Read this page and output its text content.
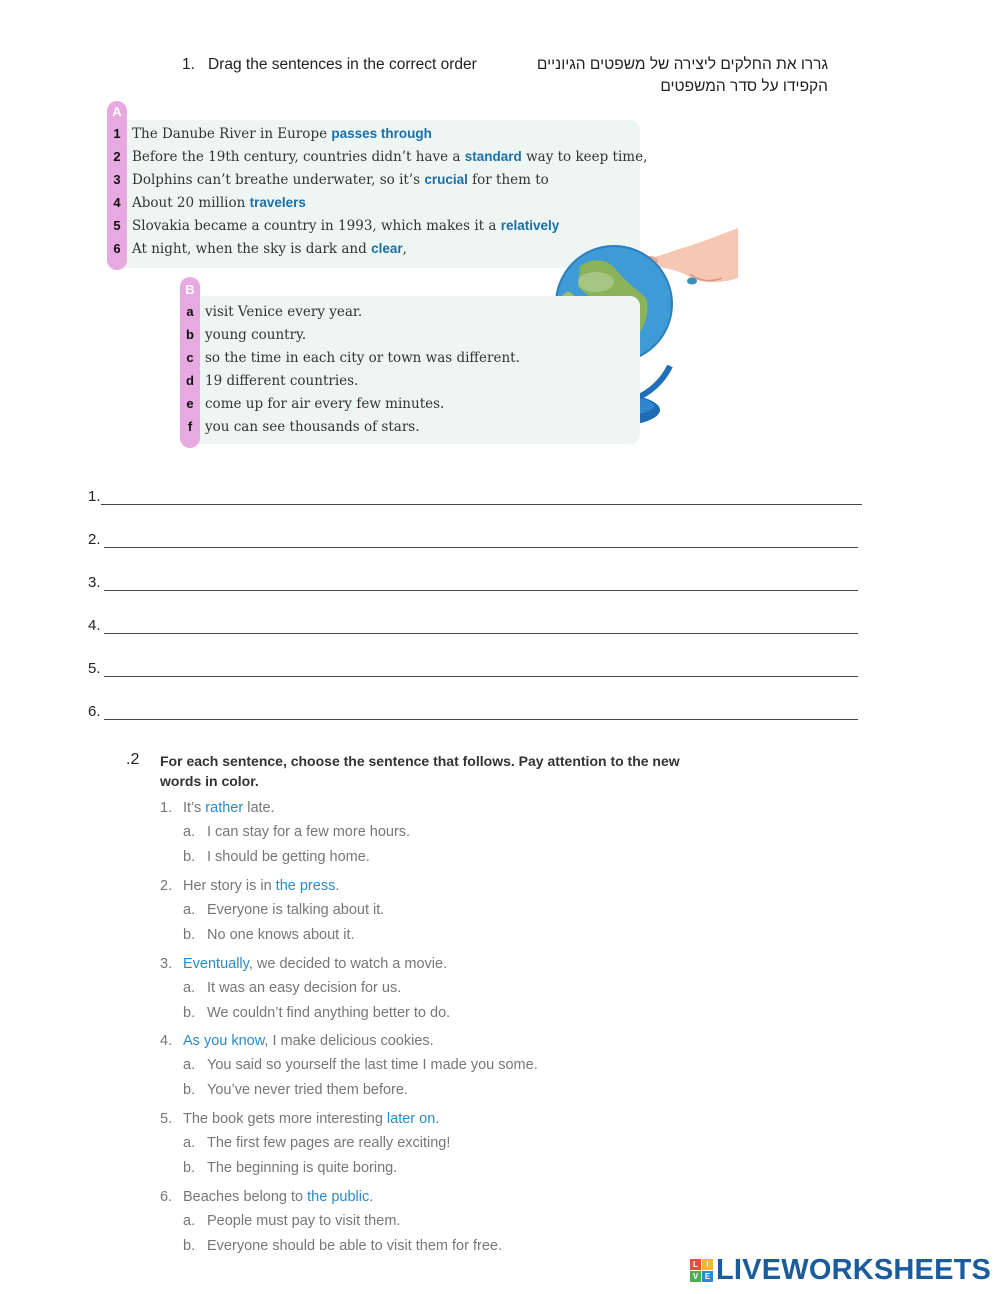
1. Drag the sentences in the correct order	גררו את החלקים ליצירה של משפטים הגיוניים
הקפידו על סדר המשפטים
A
1 The Danube River in Europe passes through
2 Before the 19th century, countries didn’t have a standard way to keep time,
3 Dolphins can’t breathe underwater, so it’s crucial for them to
4 About 20 million travelers
5 Slovakia became a country in 1993, which makes it a relatively
6 At night, when the sky is dark and clear,
B
a visit Venice every year.
b young country.
c so the time in each city or town was different.
d 19 different countries.
e come up for air every few minutes.
f you can see thousands of stars.
1.
2.
3.
4.
5.
6.
.2 For each sentence, choose the sentence that follows. Pay attention to the new words in color.
1. It’s rather late.
a. I can stay for a few more hours.
b. I should be getting home.
2. Her story is in the press.
a. Everyone is talking about it.
b. No one knows about it.
3. Eventually, we decided to watch a movie.
a. It was an easy decision for us.
b. We couldn’t find anything better to do.
4. As you know, I make delicious cookies.
a. You said so yourself the last time I made you some.
b. You’ve never tried them before.
5. The book gets more interesting later on.
a. The first few pages are really exciting!
b. The beginning is quite boring.
6. Beaches belong to the public.
a. People must pay to visit them.
b. Everyone should be able to visit them for free.
L	I
V E LIVEWORKSHEETS
